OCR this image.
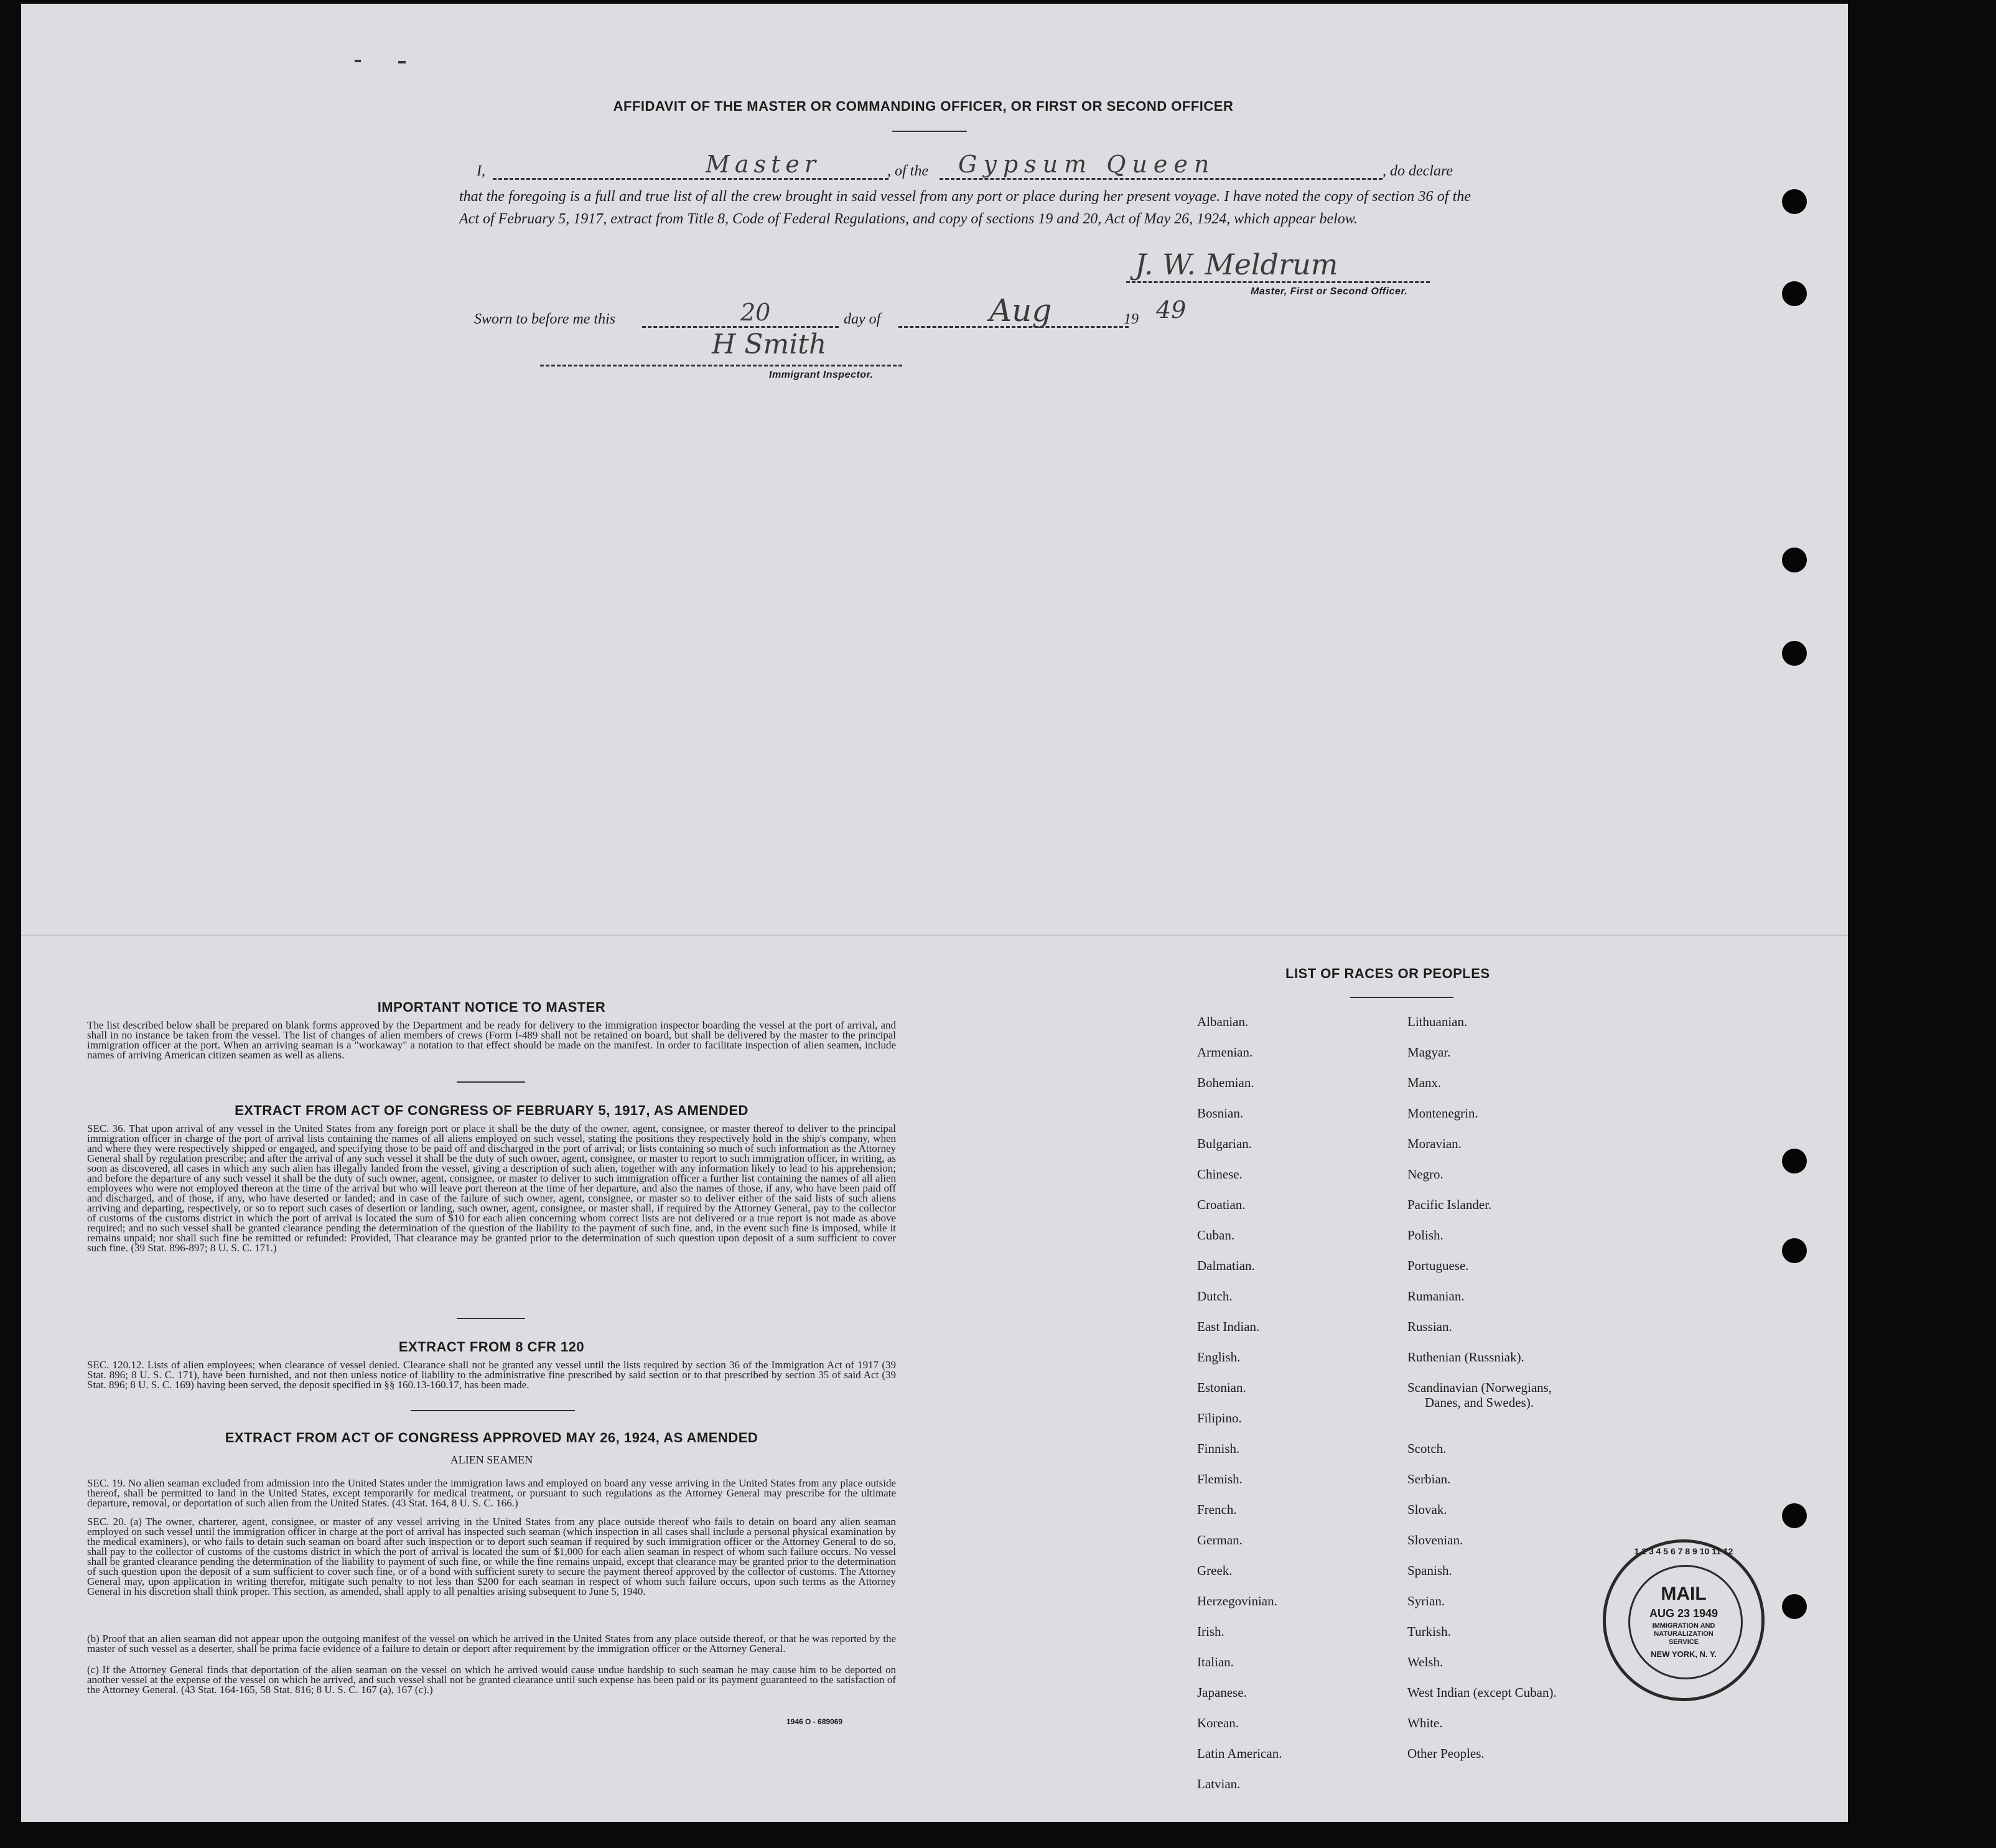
AFFIDAVIT OF THE MASTER OR COMMANDING OFFICER, OR FIRST OR SECOND OFFICER
I,	Master	, of the Gypsum Queen	, do declare
that the foregoing is a full and true list of all the crew brought in said vessel from any port or place during her present voyage. I have noted the copy of section 36 of the Act of February 5, 1917, extract from Title 8, Code of Federal Regulations, and copy of sections 19 and 20, Act of May 26, 1924, which appear below.
J. W. Meldrum
Master, First or Second Officer.
Sworn to before me this	20	day of	Aug	19 49
H Smith
Immigrant Inspector.
IMPORTANT NOTICE TO MASTER
The list described below shall be prepared on blank forms approved by the Department and be ready for delivery to the immigration inspector boarding the vessel at the port of arrival, and shall in no instance be taken from the vessel. The list of changes of alien members of crews (Form I-489 shall not be retained on board, but shall be delivered by the master to the principal immigration officer at the port. When an arriving seaman is a "workaway" a notation to that effect should be made on the manifest. In order to facilitate inspection of alien seamen, include names of arriving American citizen seamen as well as aliens.
EXTRACT FROM ACT OF CONGRESS OF FEBRUARY 5, 1917, AS AMENDED
SEC. 36. That upon arrival of any vessel in the United States from any foreign port or place it shall be the duty of the owner, agent, consignee, or master thereof to deliver to the principal immigration officer in charge of the port of arrival lists containing the names of all aliens employed on such vessel, stating the positions they respectively hold in the ship's company, when and where they were respectively shipped or engaged, and specifying those to be paid off and discharged in the port of arrival; or lists containing so much of such information as the Attorney General shall by regulation prescribe; and after the arrival of any such vessel it shall be the duty of such owner, agent, consignee, or master to report to such immigration officer, in writing, as soon as discovered, all cases in which any such alien has illegally landed from the vessel, giving a description of such alien, together with any information likely to lead to his apprehension; and before the departure of any such vessel it shall be the duty of such owner, agent, consignee, or master to deliver to such immigration officer a further list containing the names of all alien employees who were not employed thereon at the time of the arrival but who will leave port thereon at the time of her departure, and also the names of those, if any, who have been paid off and discharged, and of those, if any, who have deserted or landed; and in case of the failure of such owner, agent, consignee, or master so to deliver either of the said lists of such aliens arriving and departing, respectively, or so to report such cases of desertion or landing, such owner, agent, consignee, or master shall, if required by the Attorney General, pay to the collector of customs of the customs district in which the port of arrival is located the sum of $10 for each alien concerning whom correct lists are not delivered or a true report is not made as above required; and no such vessel shall be granted clearance pending the determination of the question of the liability to the payment of such fine, and, in the event such fine is imposed, while it remains unpaid; nor shall such fine be remitted or refunded: Provided, That clearance may be granted prior to the determination of such question upon deposit of a sum sufficient to cover such fine. (39 Stat. 896-897; 8 U. S. C. 171.)
EXTRACT FROM 8 CFR 120
SEC. 120.12. Lists of alien employees; when clearance of vessel denied. Clearance shall not be granted any vessel until the lists required by section 36 of the Immigration Act of 1917 (39 Stat. 896; 8 U. S. C. 171), have been furnished, and not then unless notice of liability to the administrative fine prescribed by said section or to that prescribed by section 35 of said Act (39 Stat. 896; 8 U. S. C. 169) having been served, the deposit specified in §§ 160.13-160.17, has been made.
EXTRACT FROM ACT OF CONGRESS APPROVED MAY 26, 1924, AS AMENDED
ALIEN SEAMEN
SEC. 19. No alien seaman excluded from admission into the United States under the immigration laws and employed on board any vesse arriving in the United States from any place outside thereof, shall be permitted to land in the United States, except temporarily for medical treatment, or pursuant to such regulations as the Attorney General may prescribe for the ultimate departure, removal, or deportation of such alien from the United States. (43 Stat. 164, 8 U. S. C. 166.)
SEC. 20. (a) The owner, charterer, agent, consignee, or master of any vessel arriving in the United States from any place outside thereof who fails to detain on board any alien seaman employed on such vessel until the immigration officer in charge at the port of arrival has inspected such seaman (which inspection in all cases shall include a personal physical examination by the medical examiners), or who fails to detain such seaman on board after such inspection or to deport such seaman if required by such immigration officer or the Attorney General to do so, shall pay to the collector of customs of the customs district in which the port of arrival is located the sum of $1,000 for each alien seaman in respect of whom such failure occurs. No vessel shall be granted clearance pending the determination of the liability to payment of such fine, or while the fine remains unpaid, except that clearance may be granted prior to the determination of such question upon the deposit of a sum sufficient to cover such fine, or of a bond with sufficient surety to secure the payment thereof approved by the collector of customs. The Attorney General may, upon application in writing therefor, mitigate such penalty to not less than $200 for each seaman in respect of whom such failure occurs, upon such terms as the Attorney General in his discretion shall think proper. This section, as amended, shall apply to all penalties arising subsequent to June 5, 1940.
(b) Proof that an alien seaman did not appear upon the outgoing manifest of the vessel on which he arrived in the United States from any place outside thereof, or that he was reported by the master of such vessel as a deserter, shall be prima facie evidence of a failure to detain or deport after requirement by the immigration officer or the Attorney General.
(c) If the Attorney General finds that deportation of the alien seaman on the vessel on which he arrived would cause undue hardship to such seaman he may cause him to be deported on another vessel at the expense of the vessel on which he arrived, and such vessel shall not be granted clearance until such expense has been paid or its payment guaranteed to the satisfaction of the Attorney General. (43 Stat. 164-165, 58 Stat. 816; 8 U. S. C. 167 (a), 167 (c).)
1946 O - 689069
LIST OF RACES OR PEOPLES
Albanian.
Armenian.
Bohemian.
Bosnian.
Bulgarian.
Chinese.
Croatian.
Cuban.
Dalmatian.
Dutch.
East Indian.
English.
Estonian.
Filipino.
Finnish.
Flemish.
French.
German.
Greek.
Herzegovinian.
Irish.
Italian.
Japanese.
Korean.
Latin American.
Latvian.
Lithuanian.
Magyar.
Manx.
Montenegrin.
Moravian.
Negro.
Pacific Islander.
Polish.
Portuguese.
Rumanian.
Russian.
Ruthenian (Russniak).
Scandinavian (Norwegians,
Danes, and Swedes).
Scotch.
Serbian.
Slovak.
Slovenian.
Spanish.
Syrian.
Turkish.
Welsh.
West Indian (except Cuban).
White.
Other Peoples.
1 2 3 4 5 6 7 8 9 10 11 12
MAIL
AUG 23 1949
IMMIGRATION AND NATURALIZATION SERVICE
NEW YORK, N. Y.
